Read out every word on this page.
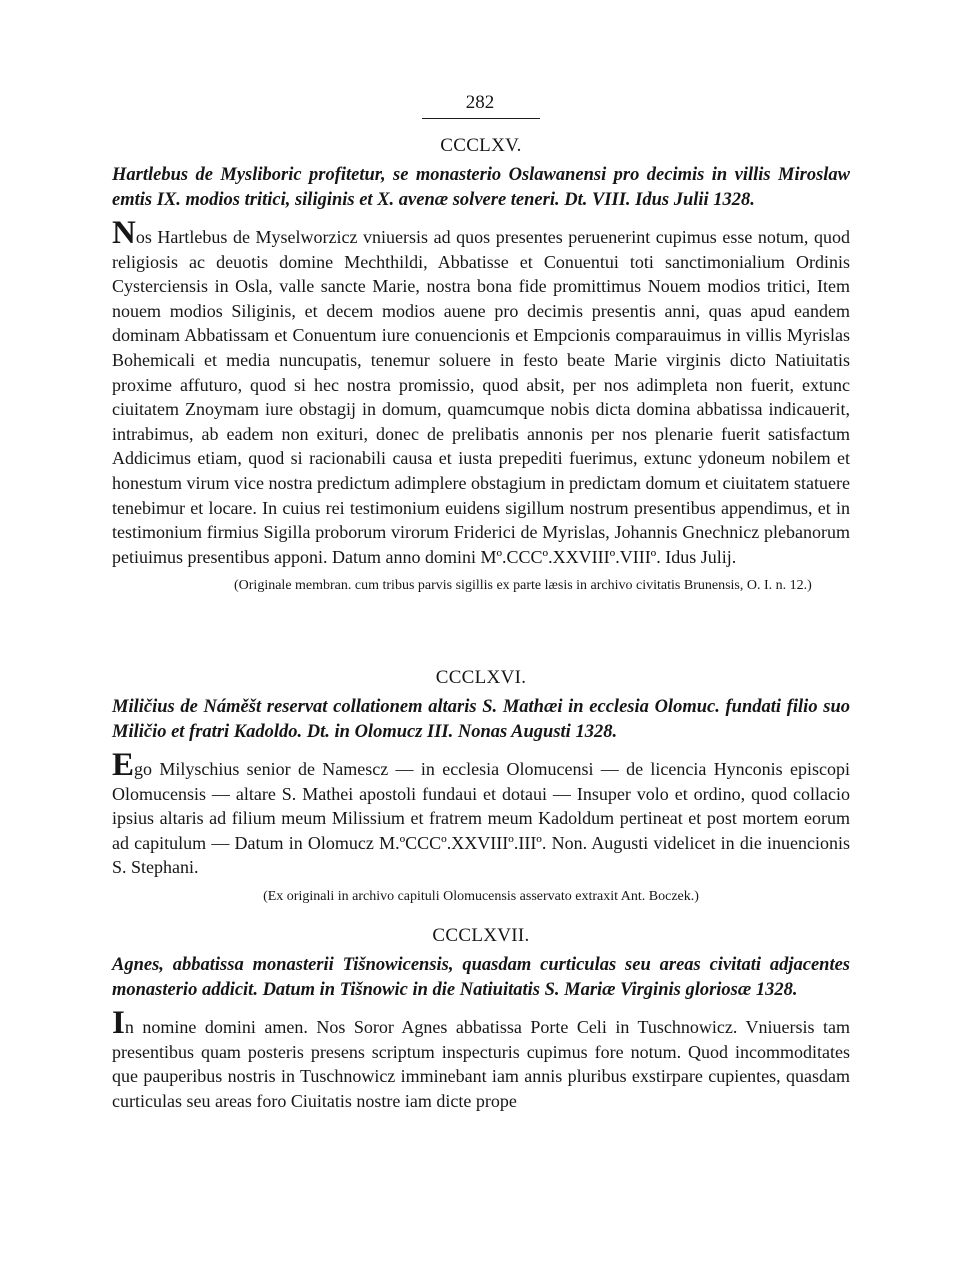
282
CCCLXV.
Hartlebus de Mysliboric profitetur, se monasterio Oslawanensi pro decimis in villis Miroslaw emtis IX. modios tritici, siliginis et X. avenæ solvere teneri. Dt. VIII. Idus Julii 1328.
Nos Hartlebus de Myselworzicz vniuersis ad quos presentes peruenerint cupimus esse notum, quod religiosis ac deuotis domine Mechthildi, Abbatisse et Conuentui toti sanctimonialium Ordinis Cysterciensis in Osla, valle sancte Marie, nostra bona fide promittimus Nouem modios tritici, Item nouem modios Siliginis, et decem modios auene pro decimis presentis anni, quas apud eandem dominam Abbatissam et Conuentum iure conuencionis et Empcionis comparauimus in villis Myrislas Bohemicali et media nuncupatis, tenemur soluere in festo beate Marie virginis dicto Natiuitatis proxime affuturo, quod si hec nostra promissio, quod absit, per nos adimpleta non fuerit, extunc ciuitatem Znoymam iure obstagij in domum, quamcumque nobis dicta domina abbatissa indicauerit, intrabimus, ab eadem non exituri, donec de prelibatis annonis per nos plenarie fuerit satisfactum Addicimus etiam, quod si racionabili causa et iusta prepediti fuerimus, extunc ydoneum nobilem et honestum virum vice nostra predictum adimplere obstagium in predictam domum et ciuitatem statuere tenebimur et locare. In cuius rei testimonium euidens sigillum nostrum presentibus appendimus, et in testimonium firmius Sigilla proborum virorum Friderici de Myrislas, Johannis Gnechnicz plebanorum petiuimus presentibus apponi. Datum anno domini Mº.CCCº.XXVIIIº.VIIIº. Idus Julij.
(Originale membran. cum tribus parvis sigillis ex parte læsis in archivo civitatis Brunensis, O. I. n. 12.)
CCCLXVI.
Miličius de Náměšt reservat collationem altaris S. Mathæi in ecclesia Olomuc. fundati filio suo Miličio et fratri Kadoldo. Dt. in Olomucz III. Nonas Augusti 1328.
Ego Milyschius senior de Namescz — in ecclesia Olomucensi — de licencia Hynconis episcopi Olomucensis — altare S. Mathei apostoli fundaui et dotaui — Insuper volo et ordino, quod collacio ipsius altaris ad filium meum Milissium et fratrem meum Kadoldum pertineat et post mortem eorum ad capitulum — Datum in Olomucz M.ºCCCº.XXVIIIº.IIIº. Non. Augusti videlicet in die inuencionis S. Stephani.
(Ex originali in archivo capituli Olomucensis asservato extraxit Ant. Boczek.)
CCCLXVII.
Agnes, abbatissa monasterii Tišnowicensis, quasdam curticulas seu areas civitati adjacentes monasterio addicit. Datum in Tišnowic in die Natiuitatis S. Mariæ Virginis gloriosæ 1328.
In nomine domini amen. Nos Soror Agnes abbatissa Porte Celi in Tuschnowicz. Vniuersis tam presentibus quam posteris presens scriptum inspecturis cupimus fore notum. Quod incommoditates que pauperibus nostris in Tuschnowicz imminebant iam annis pluribus exstirpare cupientes, quasdam curticulas seu areas foro Ciuitatis nostre iam dicte prope
